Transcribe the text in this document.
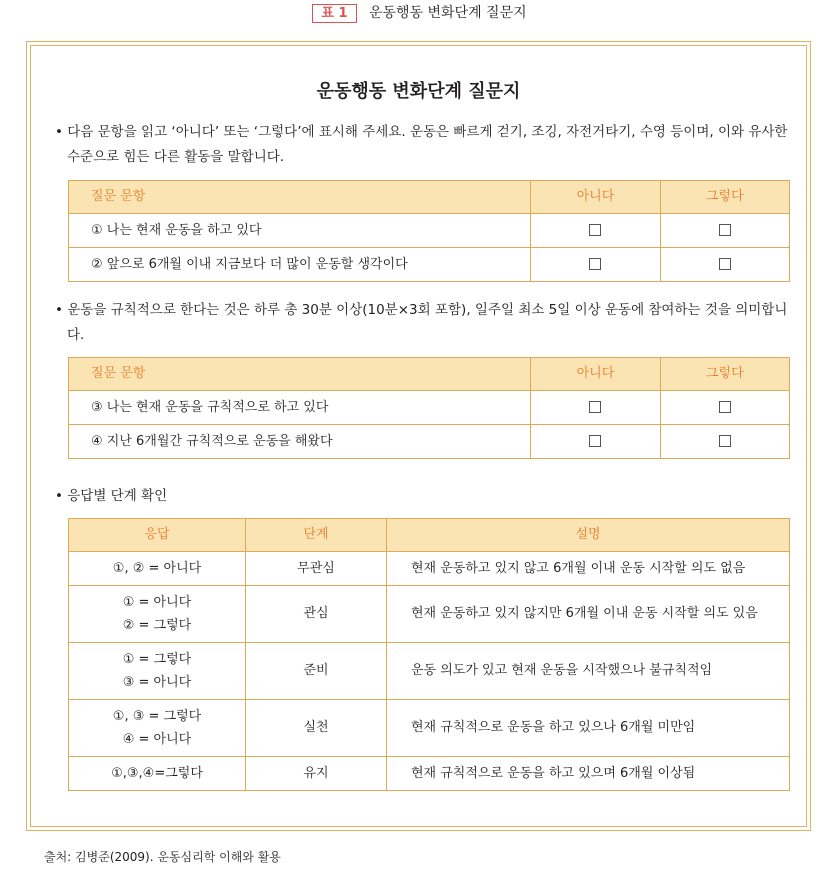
표 1 운동행동 변화단계 질문지
운동행동 변화단계 질문지
• 다음 문항을 읽고 ‘아니다’ 또는 ‘그렇다’에 표시해 주세요. 운동은 빠르게 걷기, 조깅, 자전거타기, 수영 등이며, 이와 유사한 수준으로 힘든 다른 활동을 말합니다.
질문 문항	아니다	그렇다
① 나는 현재 운동을 하고 있다		
② 앞으로 6개월 이내 지금보다 더 많이 운동할 생각이다		
• 운동을 규칙적으로 한다는 것은 하루 총 30분 이상(10분×3회 포함), 일주일 최소 5일 이상 운동에 참여하는 것을 의미합니다.
질문 문항	아니다	그렇다
③ 나는 현재 운동을 규칙적으로 하고 있다		
④ 지난 6개월간 규칙적으로 운동을 해왔다		
• 응답별 단계 확인
응답	단계	설명

①, ② = 아니다	무관심	현재 운동하고 있지 않고 6개월 이내 운동 시작할 의도 없음

① = 아니다
② = 그렇다	관심	현재 운동하고 있지 않지만 6개월 이내 운동 시작할 의도 있음

① = 그렇다
③ = 아니다	준비	운동 의도가 있고 현재 운동을 시작했으나 불규칙적임

①, ③ = 그렇다
④ = 아니다	실천	현재 규칙적으로 운동을 하고 있으나 6개월 미만임

①,③,④=그렇다	유지	현재 규칙적으로 운동을 하고 있으며 6개월 이상됨
출처: 김병준(2009). 운동심리학 이해와 활용
